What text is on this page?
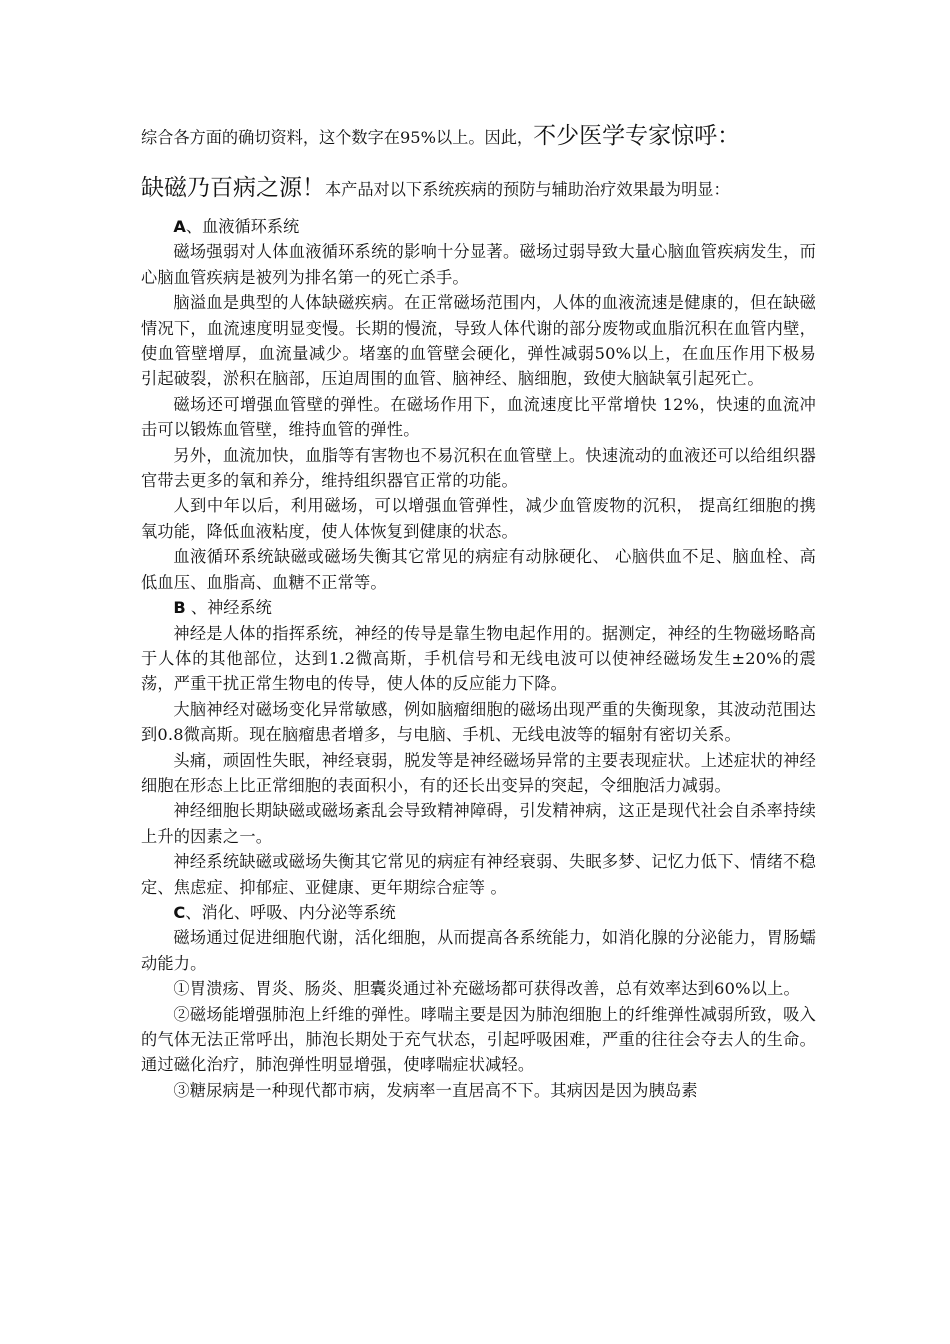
综合各方面的确切资料，这个数字在95%以上。因此，不少医学专家惊呼：

缺磁乃百病之源！本产品对以下系统疾病的预防与辅助治疗效果最为明显：

A、血液循环系统

磁场强弱对人体血液循环系统的影响十分显著。磁场过弱导致大量心脑血管疾病发生，而心脑血管疾病是被列为排名第一的死亡杀手。

脑溢血是典型的人体缺磁疾病。在正常磁场范围内，人体的血液流速是健康的，但在缺磁情况下，血流速度明显变慢。长期的慢流，导致人体代谢的部分废物或血脂沉积在血管内壁，使血管壁增厚，血流量减少。堵塞的血管壁会硬化，弹性减弱50%以上，在血压作用下极易引起破裂，淤积在脑部，压迫周围的血管、脑神经、脑细胞，致使大脑缺氧引起死亡。

磁场还可增强血管壁的弹性。在磁场作用下，血流速度比平常增快 12%，快速的血流冲击可以锻炼血管壁，维持血管的弹性。

另外，血流加快，血脂等有害物也不易沉积在血管壁上。快速流动的血液还可以给组织器官带去更多的氧和养分，维持组织器官正常的功能。

人到中年以后，利用磁场，可以增强血管弹性，减少血管废物的沉积， 提高红细胞的携氧功能，降低血液粘度，使人体恢复到健康的状态。

血液循环系统缺磁或磁场失衡其它常见的病症有动脉硬化、 心脑供血不足、脑血栓、高低血压、血脂高、血糖不正常等。

B 、神经系统

神经是人体的指挥系统，神经的传导是靠生物电起作用的。据测定，神经的生物磁场略高于人体的其他部位，达到1.2微高斯，手机信号和无线电波可以使神经磁场发生±20%的震荡，严重干扰正常生物电的传导，使人体的反应能力下降。

大脑神经对磁场变化异常敏感，例如脑瘤细胞的磁场出现严重的失衡现象，其波动范围达到0.8微高斯。现在脑瘤患者增多，与电脑、手机、无线电波等的辐射有密切关系。

头痛，顽固性失眠，神经衰弱，脱发等是神经磁场异常的主要表现症状。上述症状的神经细胞在形态上比正常细胞的表面积小，有的还长出变异的突起，令细胞活力减弱。

神经细胞长期缺磁或磁场紊乱会导致精神障碍，引发精神病，这正是现代社会自杀率持续上升的因素之一。

神经系统缺磁或磁场失衡其它常见的病症有神经衰弱、失眠多梦、记忆力低下、情绪不稳定、焦虑症、抑郁症、亚健康、更年期综合症等 。

C、消化、呼吸、内分泌等系统

磁场通过促进细胞代谢，活化细胞，从而提高各系统能力，如消化腺的分泌能力，胃肠蠕动能力。

①胃溃疡、胃炎、肠炎、胆囊炎通过补充磁场都可获得改善，总有效率达到60%以上。

②磁场能增强肺泡上纤维的弹性。哮喘主要是因为肺泡细胞上的纤维弹性减弱所致，吸入的气体无法正常呼出，肺泡长期处于充气状态，引起呼吸困难，严重的往往会夺去人的生命。通过磁化治疗，肺泡弹性明显增强，使哮喘症状减轻。

③糖尿病是一种现代都市病，发病率一直居高不下。其病因是因为胰岛素
